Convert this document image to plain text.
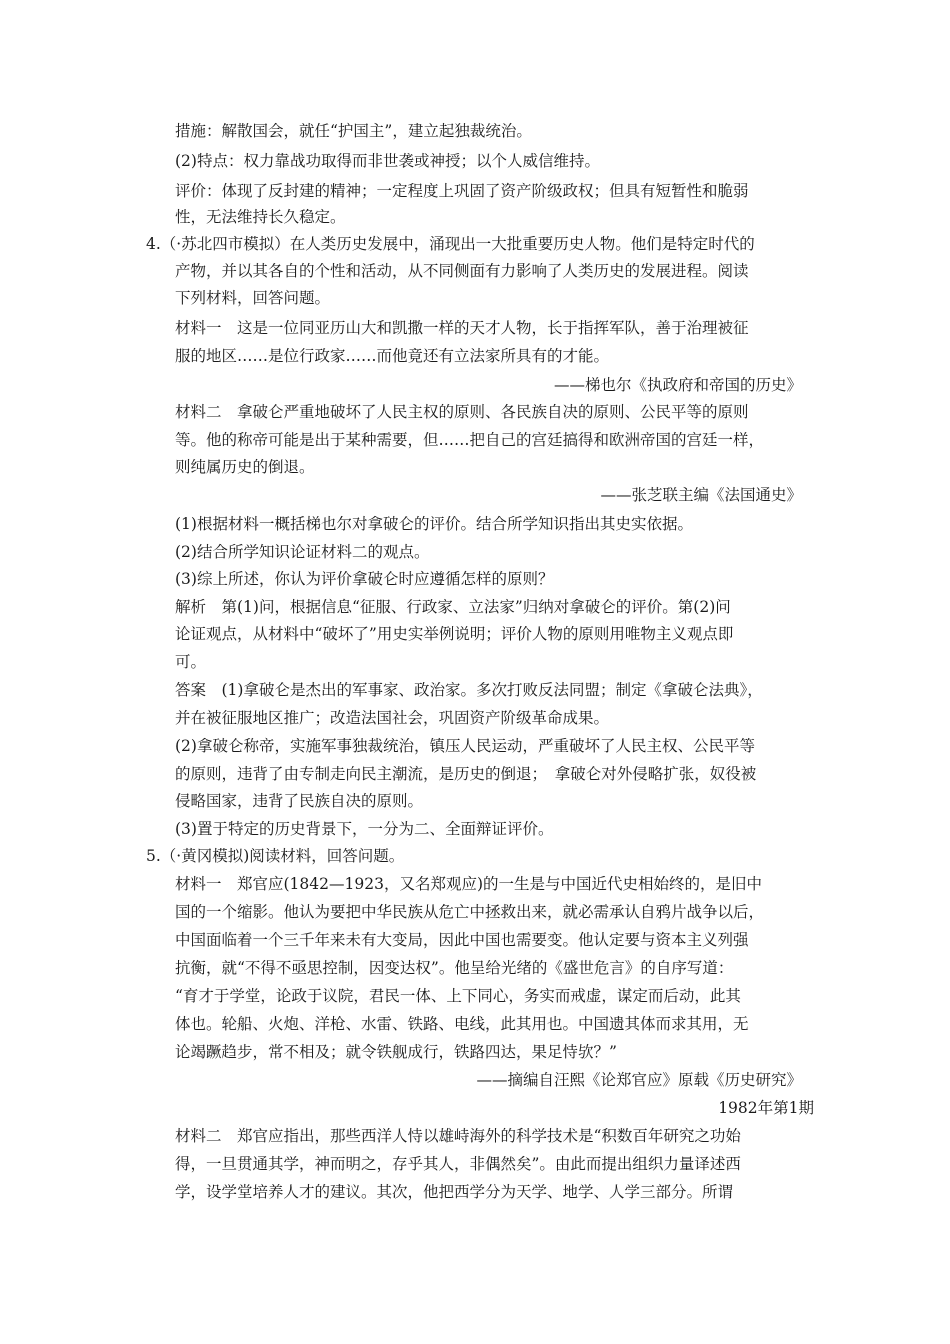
措施：解散国会，就任“护国主”，建立起独裁统治。
(2)特点：权力靠战功取得而非世袭或神授；以个人威信维持。
评价：体现了反封建的精神；一定程度上巩固了资产阶级政权；但具有短暂性和脆弱
性，无法维持长久稳定。
4.（·苏北四市模拟）在人类历史发展中，涌现出一大批重要历史人物。他们是特定时代的
产物，并以其各自的个性和活动，从不同侧面有力影响了人类历史的发展进程。阅读
下列材料，回答问题。
材料一　这是一位同亚历山大和凯撒一样的天才人物，长于指挥军队，善于治理被征
服的地区……是位行政家……而他竟还有立法家所具有的才能。
——梯也尔《执政府和帝国的历史》
材料二　拿破仑严重地破坏了人民主权的原则、各民族自决的原则、公民平等的原则
等。他的称帝可能是出于某种需要，但……把自己的宫廷搞得和欧洲帝国的宫廷一样，
则纯属历史的倒退。
——张芝联主编《法国通史》
(1)根据材料一概括梯也尔对拿破仑的评价。结合所学知识指出其史实依据。
(2)结合所学知识论证材料二的观点。
(3)综上所述，你认为评价拿破仑时应遵循怎样的原则？
解析　第(1)问，根据信息“征服、行政家、立法家”归纳对拿破仑的评价。第(2)问
论证观点，从材料中“破坏了”用史实举例说明；评价人物的原则用唯物主义观点即
可。
答案　(1)拿破仑是杰出的军事家、政治家。多次打败反法同盟；制定《拿破仑法典》，
并在被征服地区推广；改造法国社会，巩固资产阶级革命成果。
(2)拿破仑称帝，实施军事独裁统治，镇压人民运动，严重破坏了人民主权、公民平等
的原则，违背了由专制走向民主潮流，是历史的倒退；　拿破仑对外侵略扩张，奴役被
侵略国家，违背了民族自决的原则。
(3)置于特定的历史背景下，一分为二、全面辩证评价。
5.（·黄冈模拟)阅读材料，回答问题。
材料一　郑官应(1842—1923，又名郑观应)的一生是与中国近代史相始终的，是旧中
国的一个缩影。他认为要把中华民族从危亡中拯救出来，就必需承认自鸦片战争以后，
中国面临着一个三千年来未有大变局，因此中国也需要变。他认定要与资本主义列强
抗衡，就“不得不亟思控制，因变达权”。他呈给光绪的《盛世危言》的自序写道：
“育才于学堂，论政于议院，君民一体、上下同心，务实而戒虚，谋定而后动，此其
体也。轮船、火炮、洋枪、水雷、铁路、电线，此其用也。中国遗其体而求其用，无
论竭蹶趋步，常不相及；就令铁舰成行，铁路四达，果足恃欤？”
——摘编自汪熙《论郑官应》原载《历史研究》
1982年第1期
材料二　郑官应指出，那些西洋人恃以雄峙海外的科学技术是“积数百年研究之功始
得，一旦贯通其学，神而明之，存乎其人，非偶然矣”。由此而提出组织力量译述西
学，设学堂培养人才的建议。其次，他把西学分为天学、地学、人学三部分。所谓
